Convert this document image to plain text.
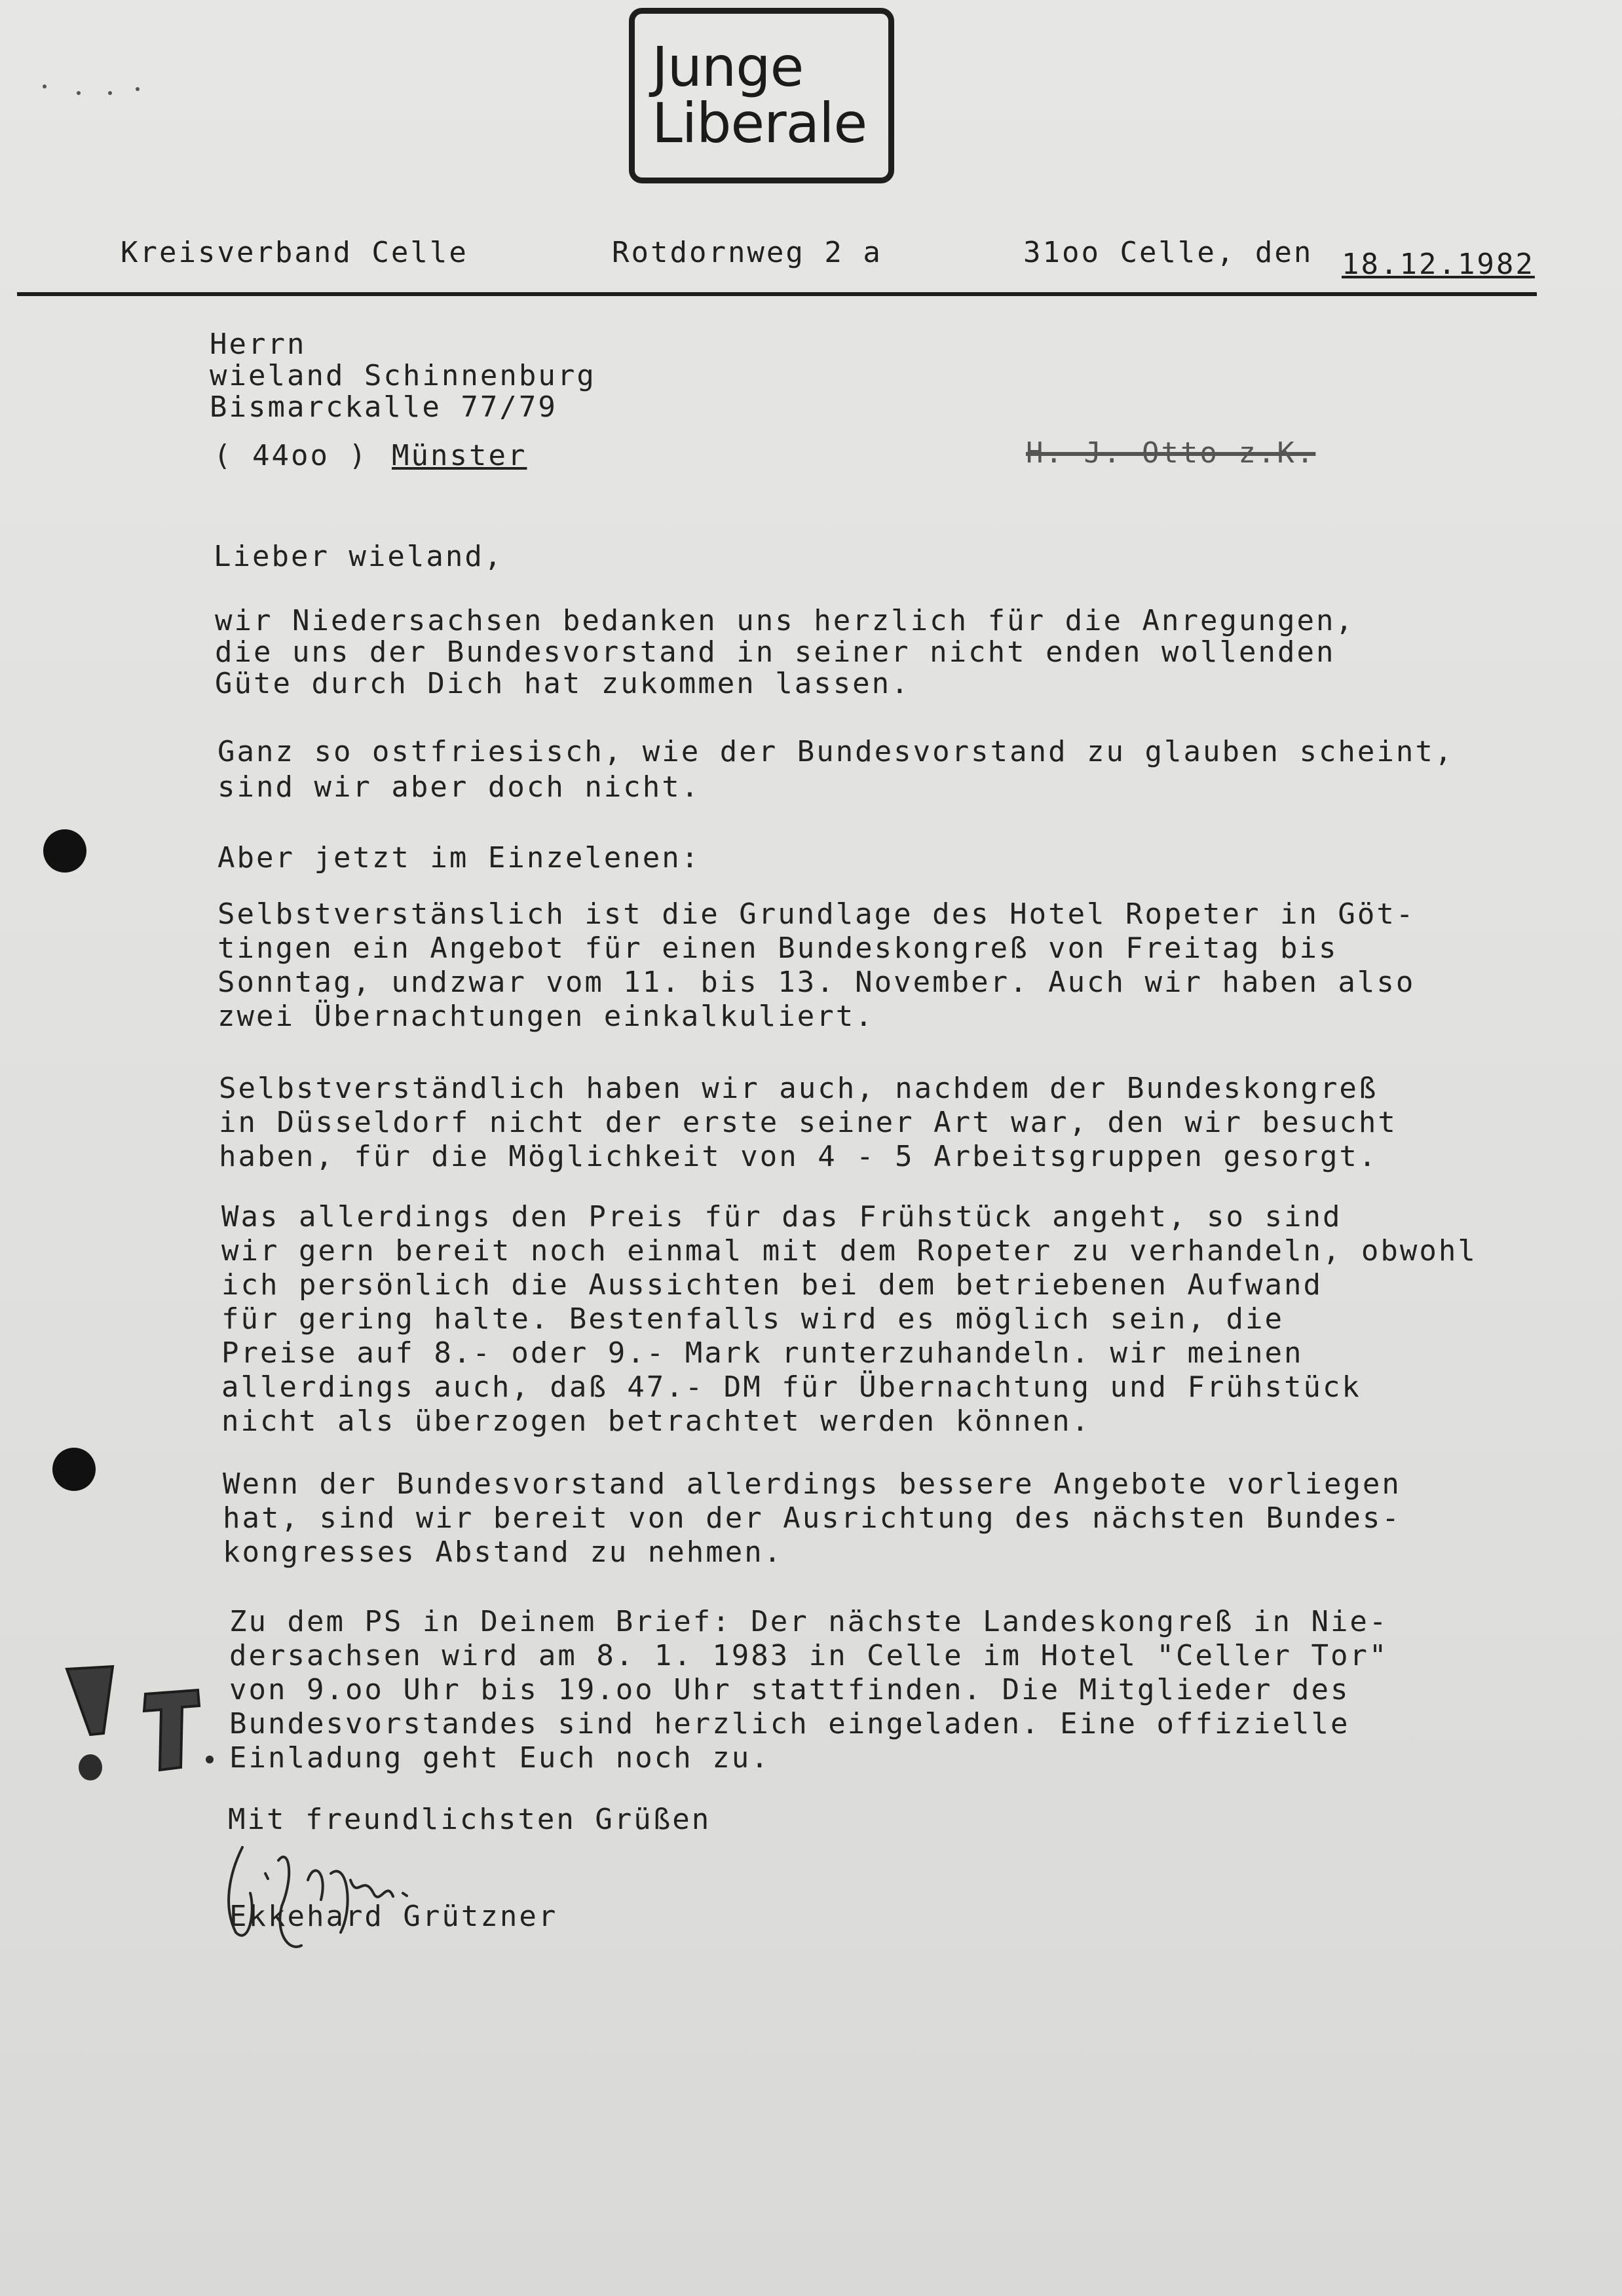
Junge
Liberale
Kreisverband Celle	Rotdornweg 2 a	31oo Celle, den 18.12.1982
Herrn
wieland Schinnenburg
Bismarckalle 77/79
( 44oo ) Münster	H. J. Otto z.K.
Lieber wieland,
wir Niedersachsen bedanken uns herzlich für die Anregungen,
die uns der Bundesvorstand in seiner nicht enden wollenden
Güte durch Dich hat zukommen lassen.
Ganz so ostfriesisch, wie der Bundesvorstand zu glauben scheint,
sind wir aber doch nicht.
Aber jetzt im Einzelenen:
Selbstverstänslich ist die Grundlage des Hotel Ropeter in Göt-
tingen ein Angebot für einen Bundeskongreß von Freitag bis
Sonntag, undzwar vom 11. bis 13. November. Auch wir haben also
zwei Übernachtungen einkalkuliert.
Selbstverständlich haben wir auch, nachdem der Bundeskongreß
in Düsseldorf nicht der erste seiner Art war, den wir besucht
haben, für die Möglichkeit von 4 - 5 Arbeitsgruppen gesorgt.
Was allerdings den Preis für das Frühstück angeht, so sind
wir gern bereit noch einmal mit dem Ropeter zu verhandeln, obwohl
ich persönlich die Aussichten bei dem betriebenen Aufwand
für gering halte. Bestenfalls wird es möglich sein, die
Preise auf 8.- oder 9.- Mark runterzuhandeln. wir meinen
allerdings auch, daß 47.- DM für Übernachtung und Frühstück
nicht als überzogen betrachtet werden können.
Wenn der Bundesvorstand allerdings bessere Angebote vorliegen
hat, sind wir bereit von der Ausrichtung des nächsten Bundes-
kongresses Abstand zu nehmen.
Zu dem PS in Deinem Brief: Der nächste Landeskongreß in Nie-
dersachsen wird am 8. 1. 1983 in Celle im Hotel "Celler Tor"
von 9.oo Uhr bis 19.oo Uhr stattfinden. Die Mitglieder des
Bundesvorstandes sind herzlich eingeladen. Eine offizielle
Einladung geht Euch noch zu.
Mit freundlichsten Grüßen
Ekkehard Grützner
